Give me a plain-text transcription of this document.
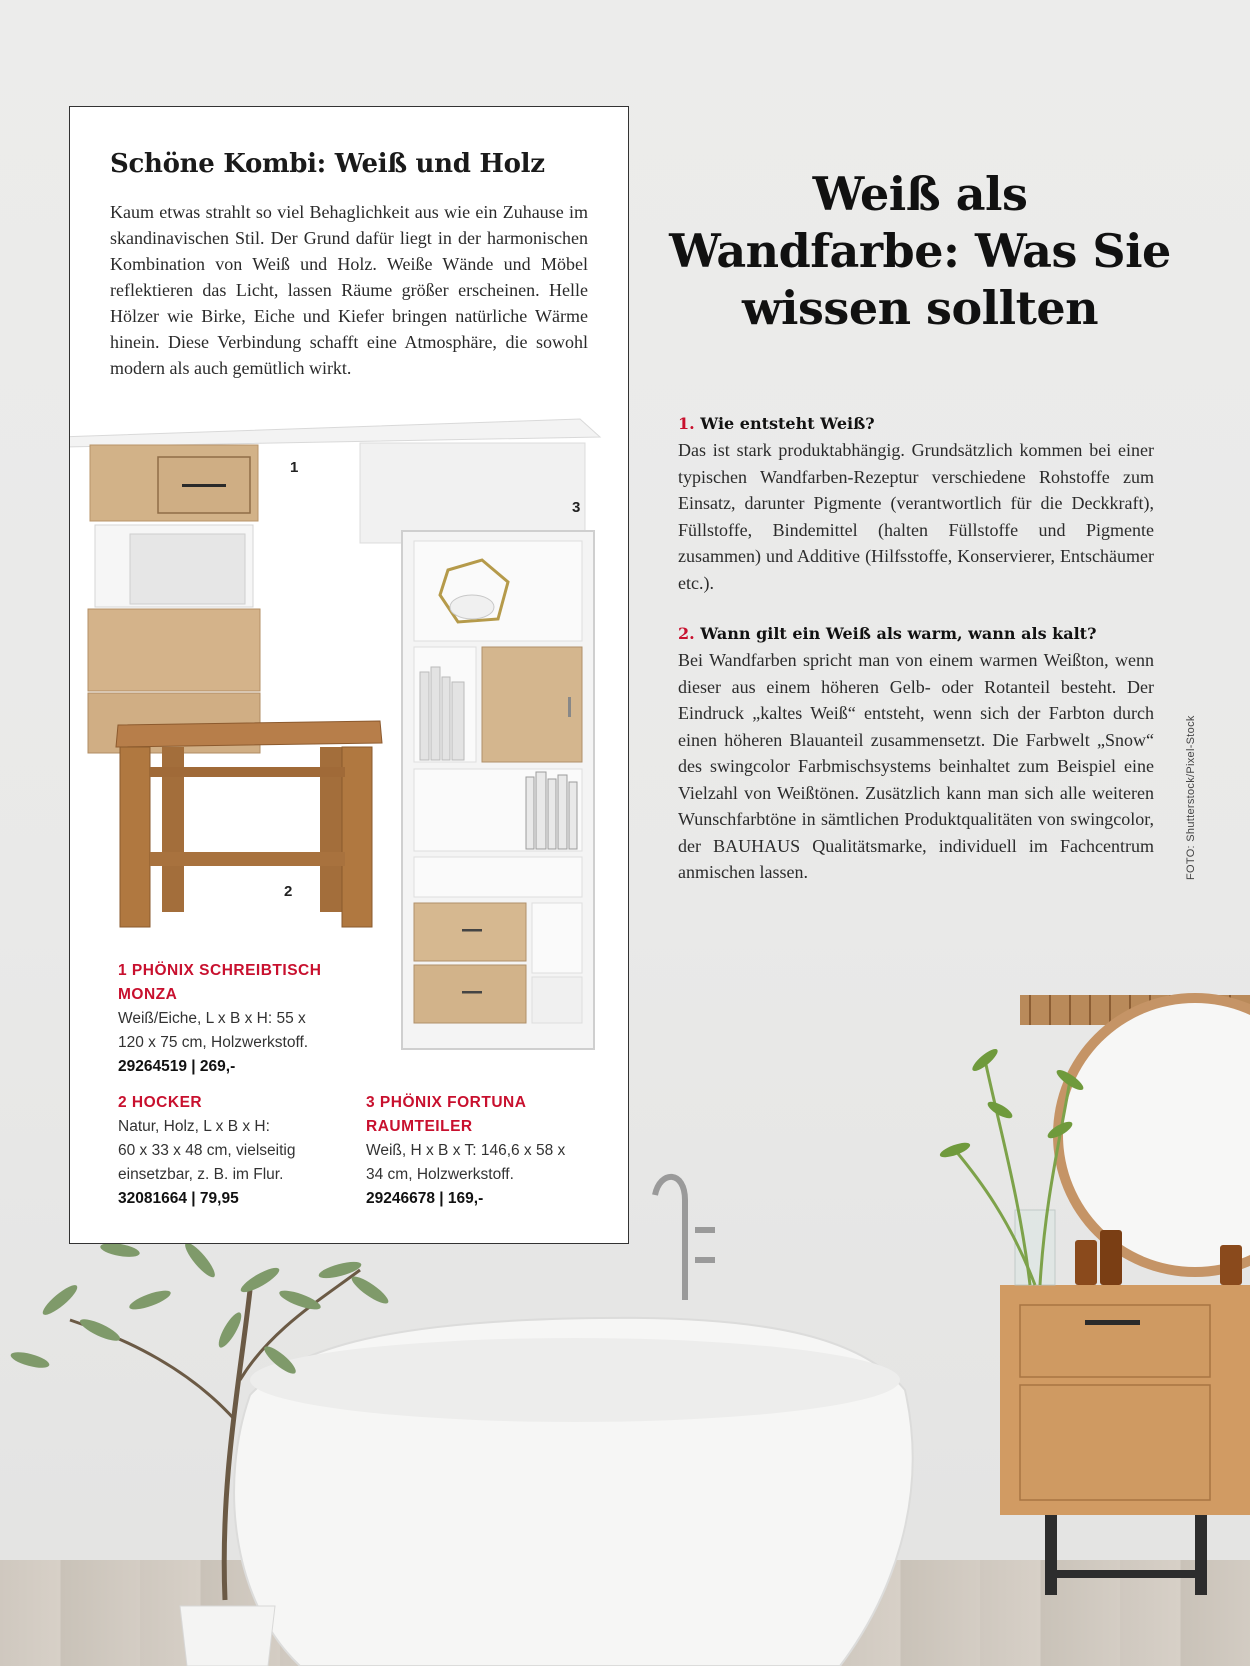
Schöne Kombi: Weiß und Holz

Kaum etwas strahlt so viel Behaglichkeit aus wie ein Zuhause im skandinavischen Stil. Der Grund dafür liegt in der harmonischen Kombination von Weiß und Holz. Weiße Wände und Möbel reflektieren das Licht, lassen Räume größer erscheinen. Helle Hölzer wie Birke, Eiche und Kiefer bringen natürliche Wärme hinein. Diese Verbindung schafft eine Atmosphäre, die sowohl modern als auch gemütlich wirkt.

1
2
3
1 PHÖNIX SCHREIBTISCH
MONZA
Weiß/Eiche, L x B x H: 55 x
120 x 75 cm, Holzwerkstoff.
29264519 | 269,-
2 HOCKER
Natur, Holz, L x B x H:
60 x 33 x 48 cm, vielseitig
einsetzbar, z. B. im Flur.
32081664 | 79,95
3 PHÖNIX FORTUNA
RAUMTEILER
Weiß, H x B x T: 146,6 x 58 x
34 cm, Holzwerkstoff.
29246678 | 169,-
Weiß als
Wandfarbe: Was Sie
wissen sollten
1. Wie entsteht Weiß?

Das ist stark produktabhängig. Grundsätzlich kommen bei einer typischen Wandfarben-Rezeptur verschiedene Rohstoffe zum Einsatz, darunter Pigmente (verantwortlich für die Deckkraft), Füllstoffe, Bindemittel (halten Füllstoffe und Pigmente zusammen) und Additive (Hilfsstoffe, Konservierer, Entschäumer etc.).

2. Wann gilt ein Weiß als warm, wann als kalt?

Bei Wandfarben spricht man von einem warmen Weißton, wenn dieser aus einem höheren Gelb- oder Rotanteil besteht. Der Eindruck „kaltes Weiß“ entsteht, wenn sich der Farbton durch einen höheren Blauanteil zusammensetzt. Die Farbwelt „Snow“ des swingcolor Farbmischsystems beinhaltet zum Beispiel eine Vielzahl von Weißtönen. Zusätzlich kann man sich alle weiteren Wunschfarbtöne in sämtlichen Produktqualitäten von swingcolor, der BAUHAUS Qualitätsmarke, individuell im Fachcentrum anmischen lassen.	FOTO: Shutterstock/Pixel-Stock
